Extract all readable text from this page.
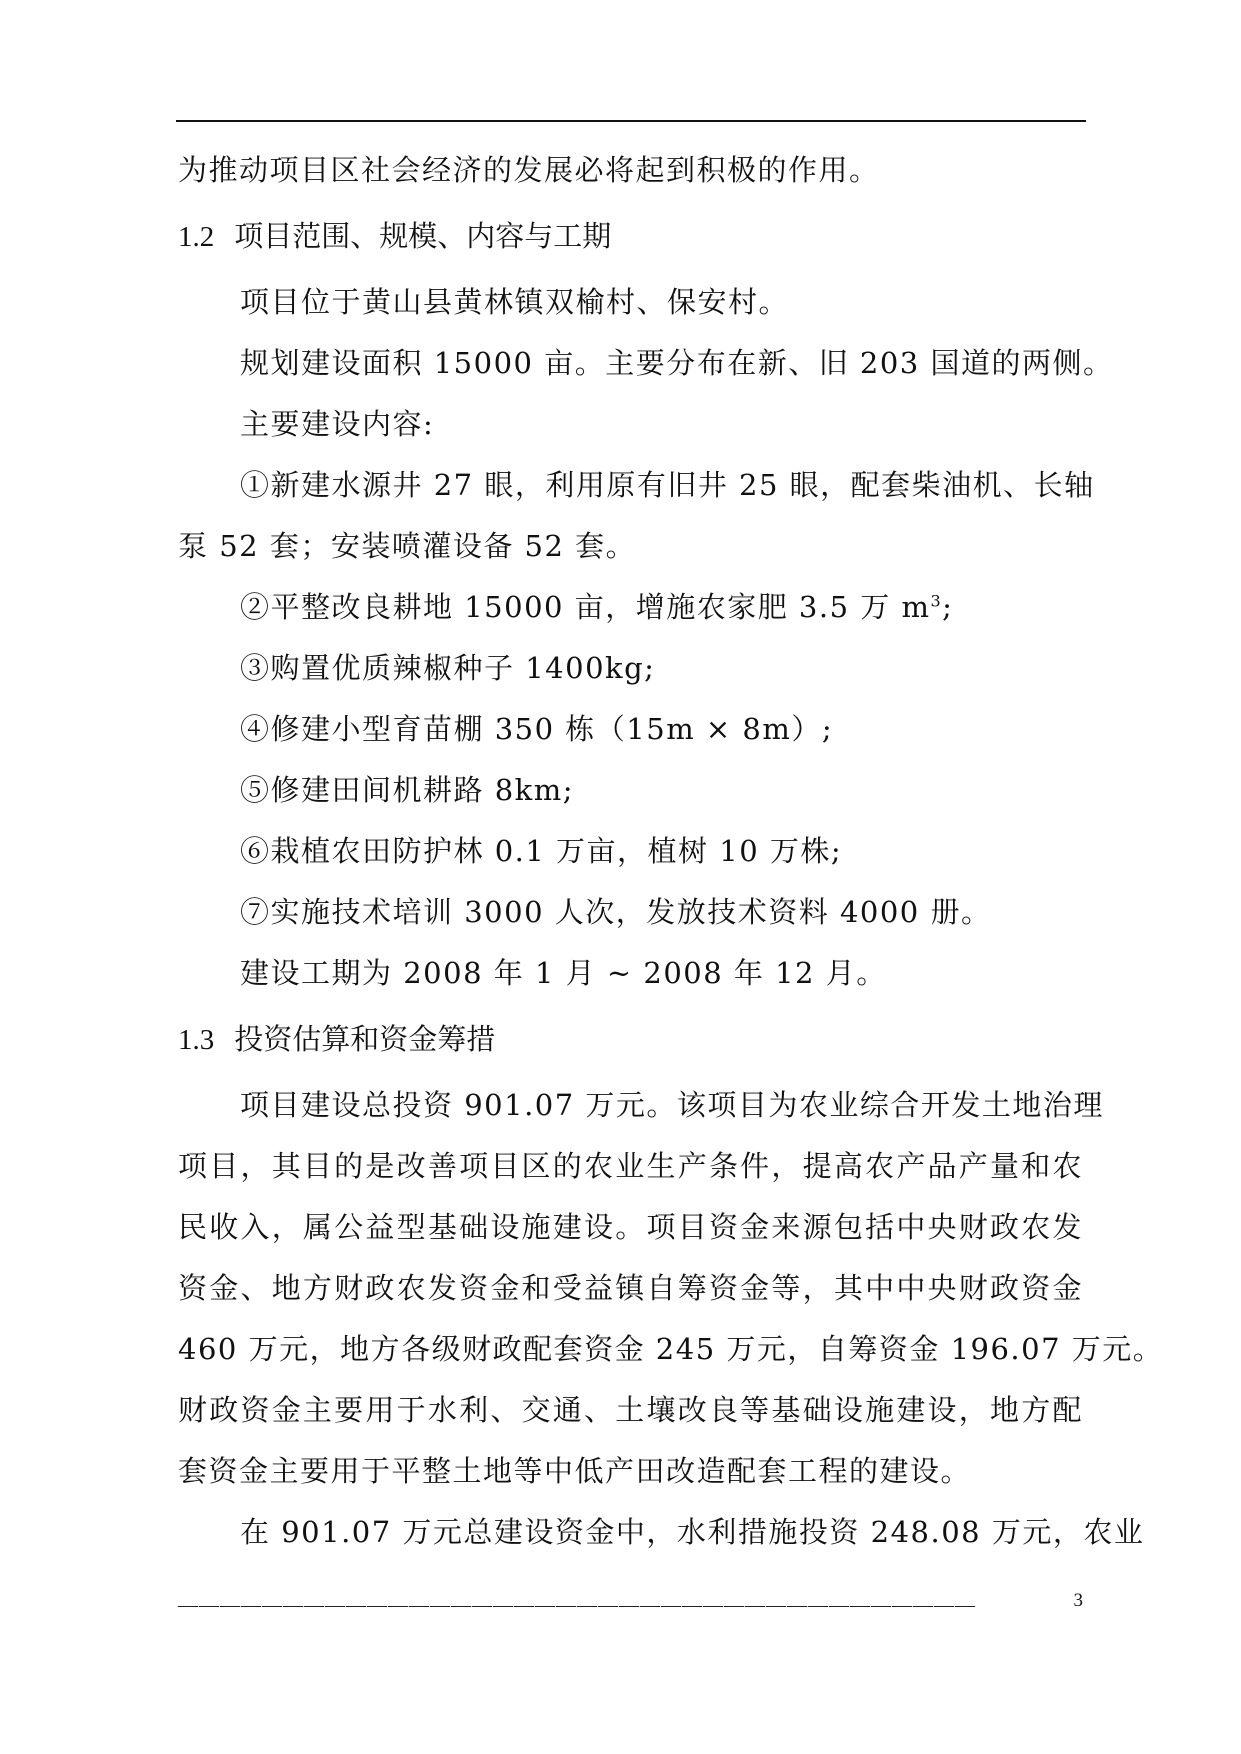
为推动项目区社会经济的发展必将起到积极的作用。
1.2 项目范围、规模、内容与工期
项目位于黄山县黄林镇双榆村、保安村。
规划建设面积 15000 亩。主要分布在新、旧 203 国道的两侧。
主要建设内容:
①新建水源井 27 眼，利用原有旧井 25 眼，配套柴油机、长轴
泵 52 套；安装喷灌设备 52 套。
②平整改良耕地 15000 亩，增施农家肥 3.5 万 $m^3$;
③购置优质辣椒种子 1400kg;
④修建小型育苗棚 350 栋（15m × 8m）;
⑤修建田间机耕路 8km;
⑥栽植农田防护林 0.1 万亩，植树 10 万株;
⑦实施技术培训 3000 人次，发放技术资料 4000 册。
建设工期为 2008 年 1 月 ~ 2008 年 12 月。
1.3 投资估算和资金筹措
项目建设总投资 901.07 万元。该项目为农业综合开发土地治理
项目，其目的是改善项目区的农业生产条件，提高农产品产量和农
民收入，属公益型基础设施建设。项目资金来源包括中央财政农发
资金、地方财政农发资金和受益镇自筹资金等，其中中央财政资金
460 万元，地方各级财政配套资金 245 万元，自筹资金 196.07 万元。
财政资金主要用于水利、交通、土壤改良等基础设施建设，地方配
套资金主要用于平整土地等中低产田改造配套工程的建设。
在 901.07 万元总建设资金中，水利措施投资 248.08 万元，农业
——————————————————————————————————————	3
